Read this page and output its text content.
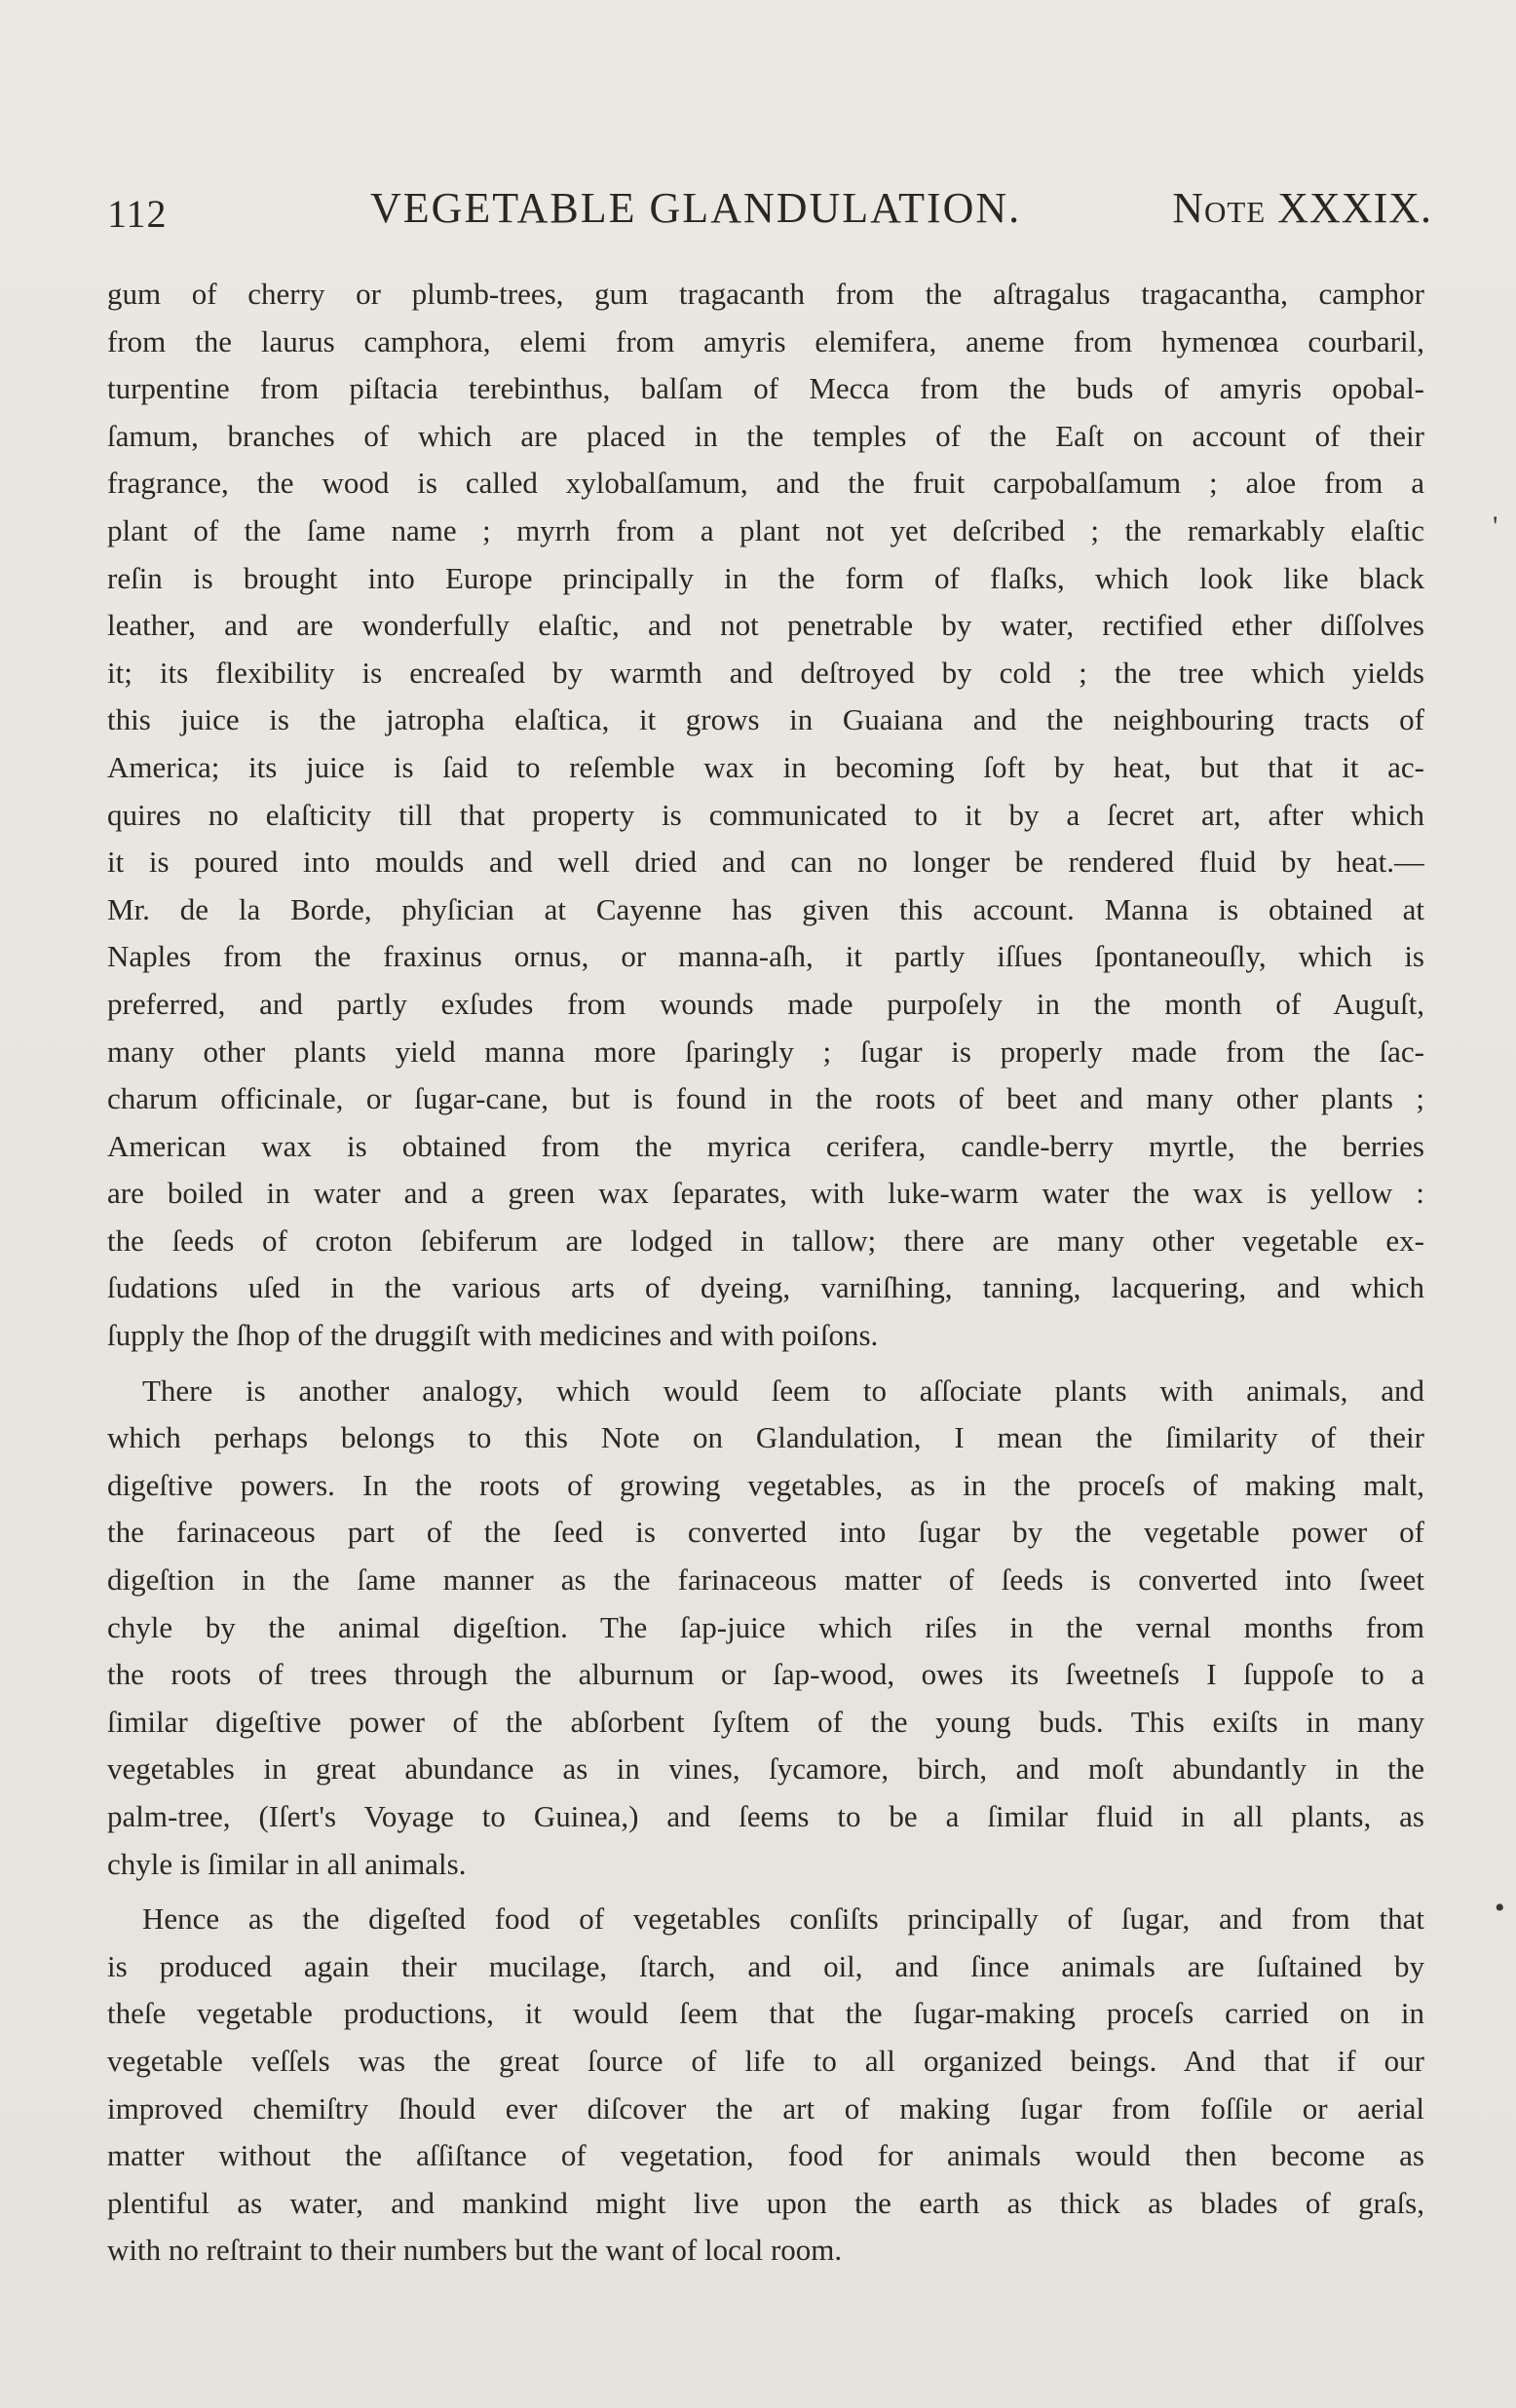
112	VEGETABLE GLANDULATION.	Note XXXIX.
gum of cherry or plumb-trees, gum tragacanth from the aſtragalus tragacantha, camphor
from the laurus camphora, elemi from amyris elemifera, aneme from hymenœa courbaril,
turpentine from piſtacia terebinthus, balſam of Mecca from the buds of amyris opobal-
ſamum, branches of which are placed in the temples of the Eaſt on account of their
fragrance, the wood is called xylobalſamum, and the fruit carpobalſamum ; aloe from a
plant of the ſame name ; myrrh from a plant not yet deſcribed ; the remarkably elaſtic
reſin is brought into Europe principally in the form of flaſks, which look like black
leather, and are wonderfully elaſtic, and not penetrable by water, rectified ether diſſolves
it; its flexibility is encreaſed by warmth and deſtroyed by cold ; the tree which yields
this juice is the jatropha elaſtica, it grows in Guaiana and the neighbouring tracts of
America; its juice is ſaid to reſemble wax in becoming ſoft by heat, but that it ac-
quires no elaſticity till that property is communicated to it by a ſecret art, after which
it is poured into moulds and well dried and can no longer be rendered fluid by heat.—
Mr. de la Borde, phyſician at Cayenne has given this account. Manna is obtained at
Naples from the fraxinus ornus, or manna-aſh, it partly iſſues ſpontaneouſly, which is
preferred, and partly exſudes from wounds made purpoſely in the month of Auguſt,
many other plants yield manna more ſparingly ; ſugar is properly made from the ſac-
charum officinale, or ſugar-cane, but is found in the roots of beet and many other plants ;
American wax is obtained from the myrica cerifera, candle-berry myrtle, the berries
are boiled in water and a green wax ſeparates, with luke-warm water the wax is yellow :
the ſeeds of croton ſebiferum are lodged in tallow; there are many other vegetable ex-
ſudations uſed in the various arts of dyeing, varniſhing, tanning, lacquering, and which
ſupply the ſhop of the druggiſt with medicines and with poiſons.
There is another analogy, which would ſeem to aſſociate plants with animals, and
which perhaps belongs to this Note on Glandulation, I mean the ſimilarity of their
digeſtive powers. In the roots of growing vegetables, as in the proceſs of making malt,
the farinaceous part of the ſeed is converted into ſugar by the vegetable power of
digeſtion in the ſame manner as the farinaceous matter of ſeeds is converted into ſweet
chyle by the animal digeſtion. The ſap-juice which riſes in the vernal months from
the roots of trees through the alburnum or ſap-wood, owes its ſweetneſs I ſuppoſe to a
ſimilar digeſtive power of the abſorbent ſyſtem of the young buds. This exiſts in many
vegetables in great abundance as in vines, ſycamore, birch, and moſt abundantly in the
palm-tree, (Iſert's Voyage to Guinea,) and ſeems to be a ſimilar fluid in all plants, as
chyle is ſimilar in all animals.
Hence as the digeſted food of vegetables conſiſts principally of ſugar, and from that
is produced again their mucilage, ſtarch, and oil, and ſince animals are ſuſtained by
theſe vegetable productions, it would ſeem that the ſugar-making proceſs carried on in
vegetable veſſels was the great ſource of life to all organized beings. And that if our
improved chemiſtry ſhould ever diſcover the art of making ſugar from foſſile or aerial
matter without the aſſiſtance of vegetation, food for animals would then become as
plentiful as water, and mankind might live upon the earth as thick as blades of graſs,
with no reſtraint to their numbers but the want of local room.
'
•
